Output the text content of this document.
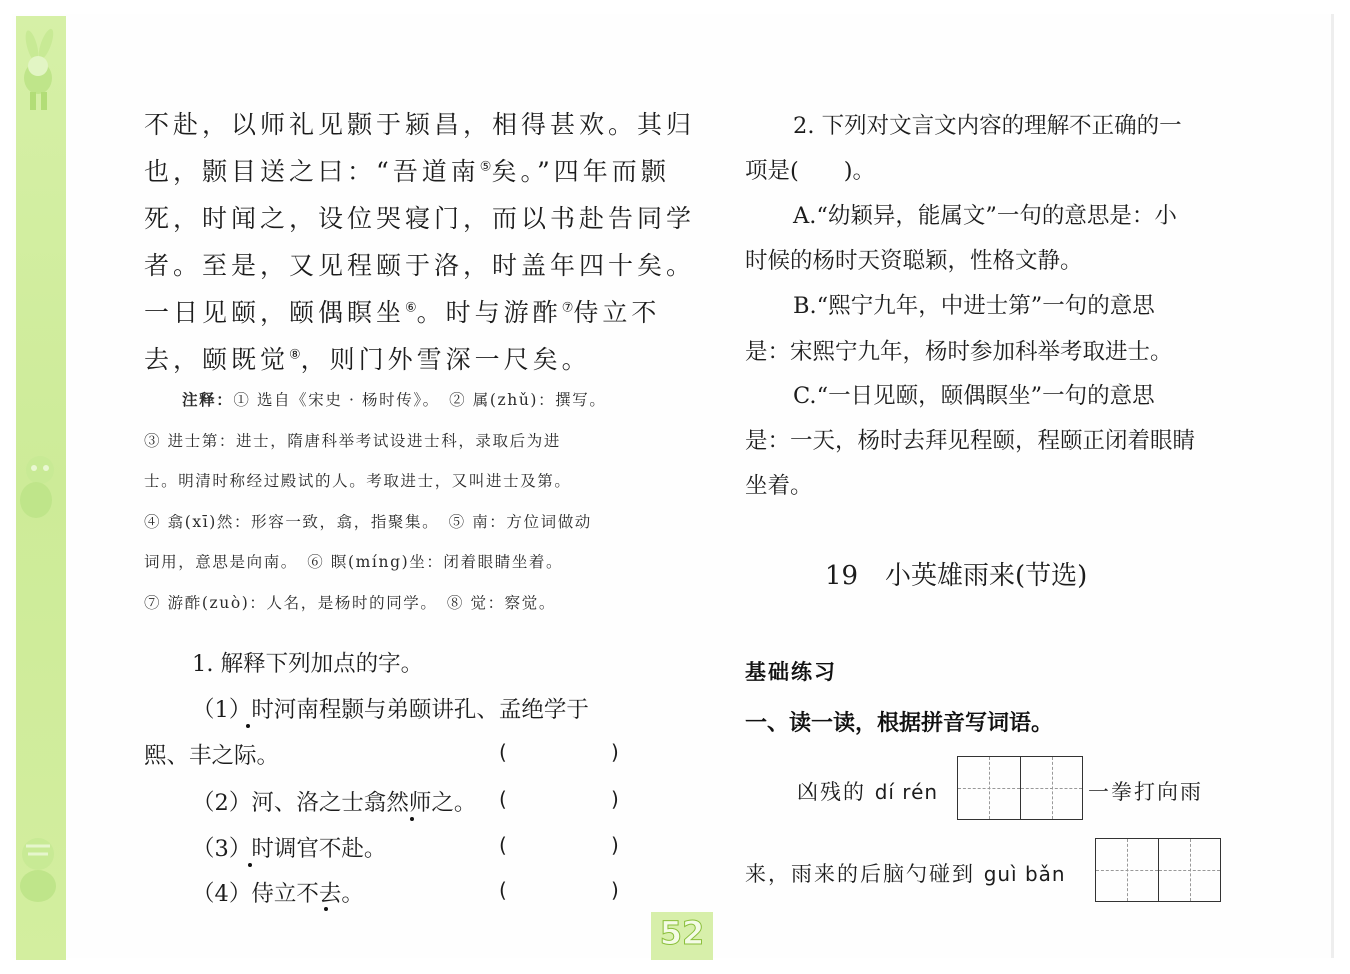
不赴，以师礼见颢于颍昌，相得甚欢。其归
也，颢目送之曰：“吾道南⑤矣。”四年而颢
死，时闻之，设位哭寝门，而以书赴告同学
者。至是，又见程颐于洛，时盖年四十矣。
一日见颐，颐偶瞑坐⑥。时与游酢⑦侍立不
去，颐既觉⑧，则门外雪深一尺矣。
注释：① 选自《宋史 · 杨时传》。　② 属(zhǔ)：撰写。
③ 进士第：进士，隋唐科举考试设进士科，录取后为进
士。明清时称经过殿试的人。考取进士，又叫进士及第。
④ 翕(xī)然：形容一致，翕，指聚集。　⑤ 南：方位词做动
词用，意思是向南。　⑥ 瞑(míng)坐：闭着眼睛坐着。
⑦ 游酢(zuò)：人名，是杨时的同学。　⑧ 觉：察觉。
1. 解释下列加点的字。
（1）时河南程颢与弟颐讲孔、孟绝学于
熙、丰之际。	(	)
（2）河、洛之士翕然师之。	(	)
（3）时调官不赴。	(	)
（4）侍立不去。	(	)
2. 下列对文言文内容的理解不正确的一
项是(　　)。
A.“幼颖异，能属文”一句的意思是：小
时候的杨时天资聪颖，性格文静。
B.“熙宁九年，中进士第”一句的意思
是：宋熙宁九年，杨时参加科举考取进士。
C.“一日见颐，颐偶瞑坐”一句的意思
是：一天，杨时去拜见程颐，程颐正闭着眼睛
坐着。
19 小英雄雨来(节选)
基础练习
一、读一读，根据拼音写词语。
凶残的 dí rén	一拳打向雨
来，雨来的后脑勺碰到 guì bǎn
52
